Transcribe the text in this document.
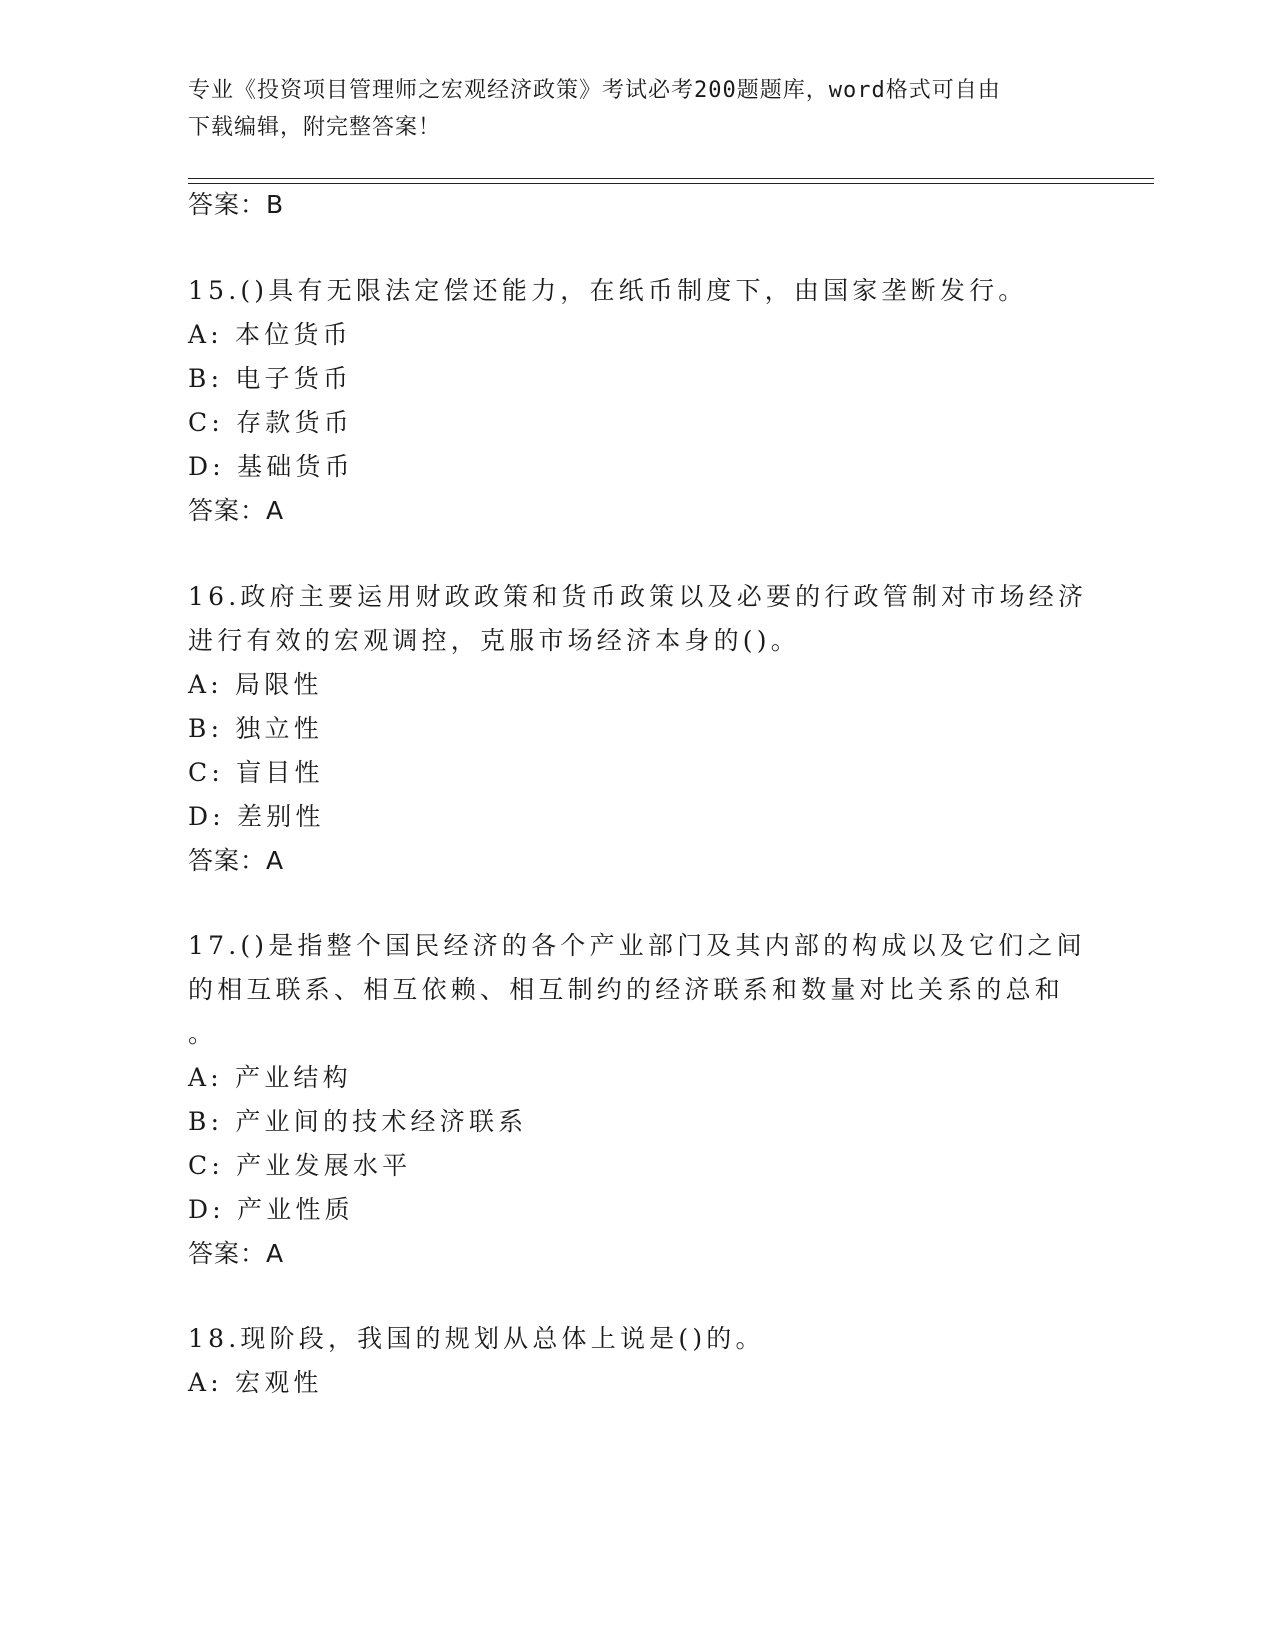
专业《投资项目管理师之宏观经济政策》考试必考200题题库，word格式可自由
下载编辑，附完整答案！
答案：B
15.()具有无限法定偿还能力，在纸币制度下，由国家垄断发行。
A: 本位货币
B: 电子货币
C: 存款货币
D: 基础货币
答案：A
16.政府主要运用财政政策和货币政策以及必要的行政管制对市场经济
进行有效的宏观调控，克服市场经济本身的()。
A: 局限性
B: 独立性
C: 盲目性
D: 差别性
答案：A
17.()是指整个国民经济的各个产业部门及其内部的构成以及它们之间
的相互联系、相互依赖、相互制约的经济联系和数量对比关系的总和
。
A: 产业结构
B: 产业间的技术经济联系
C: 产业发展水平
D: 产业性质
答案：A
18.现阶段，我国的规划从总体上说是()的。
A: 宏观性
